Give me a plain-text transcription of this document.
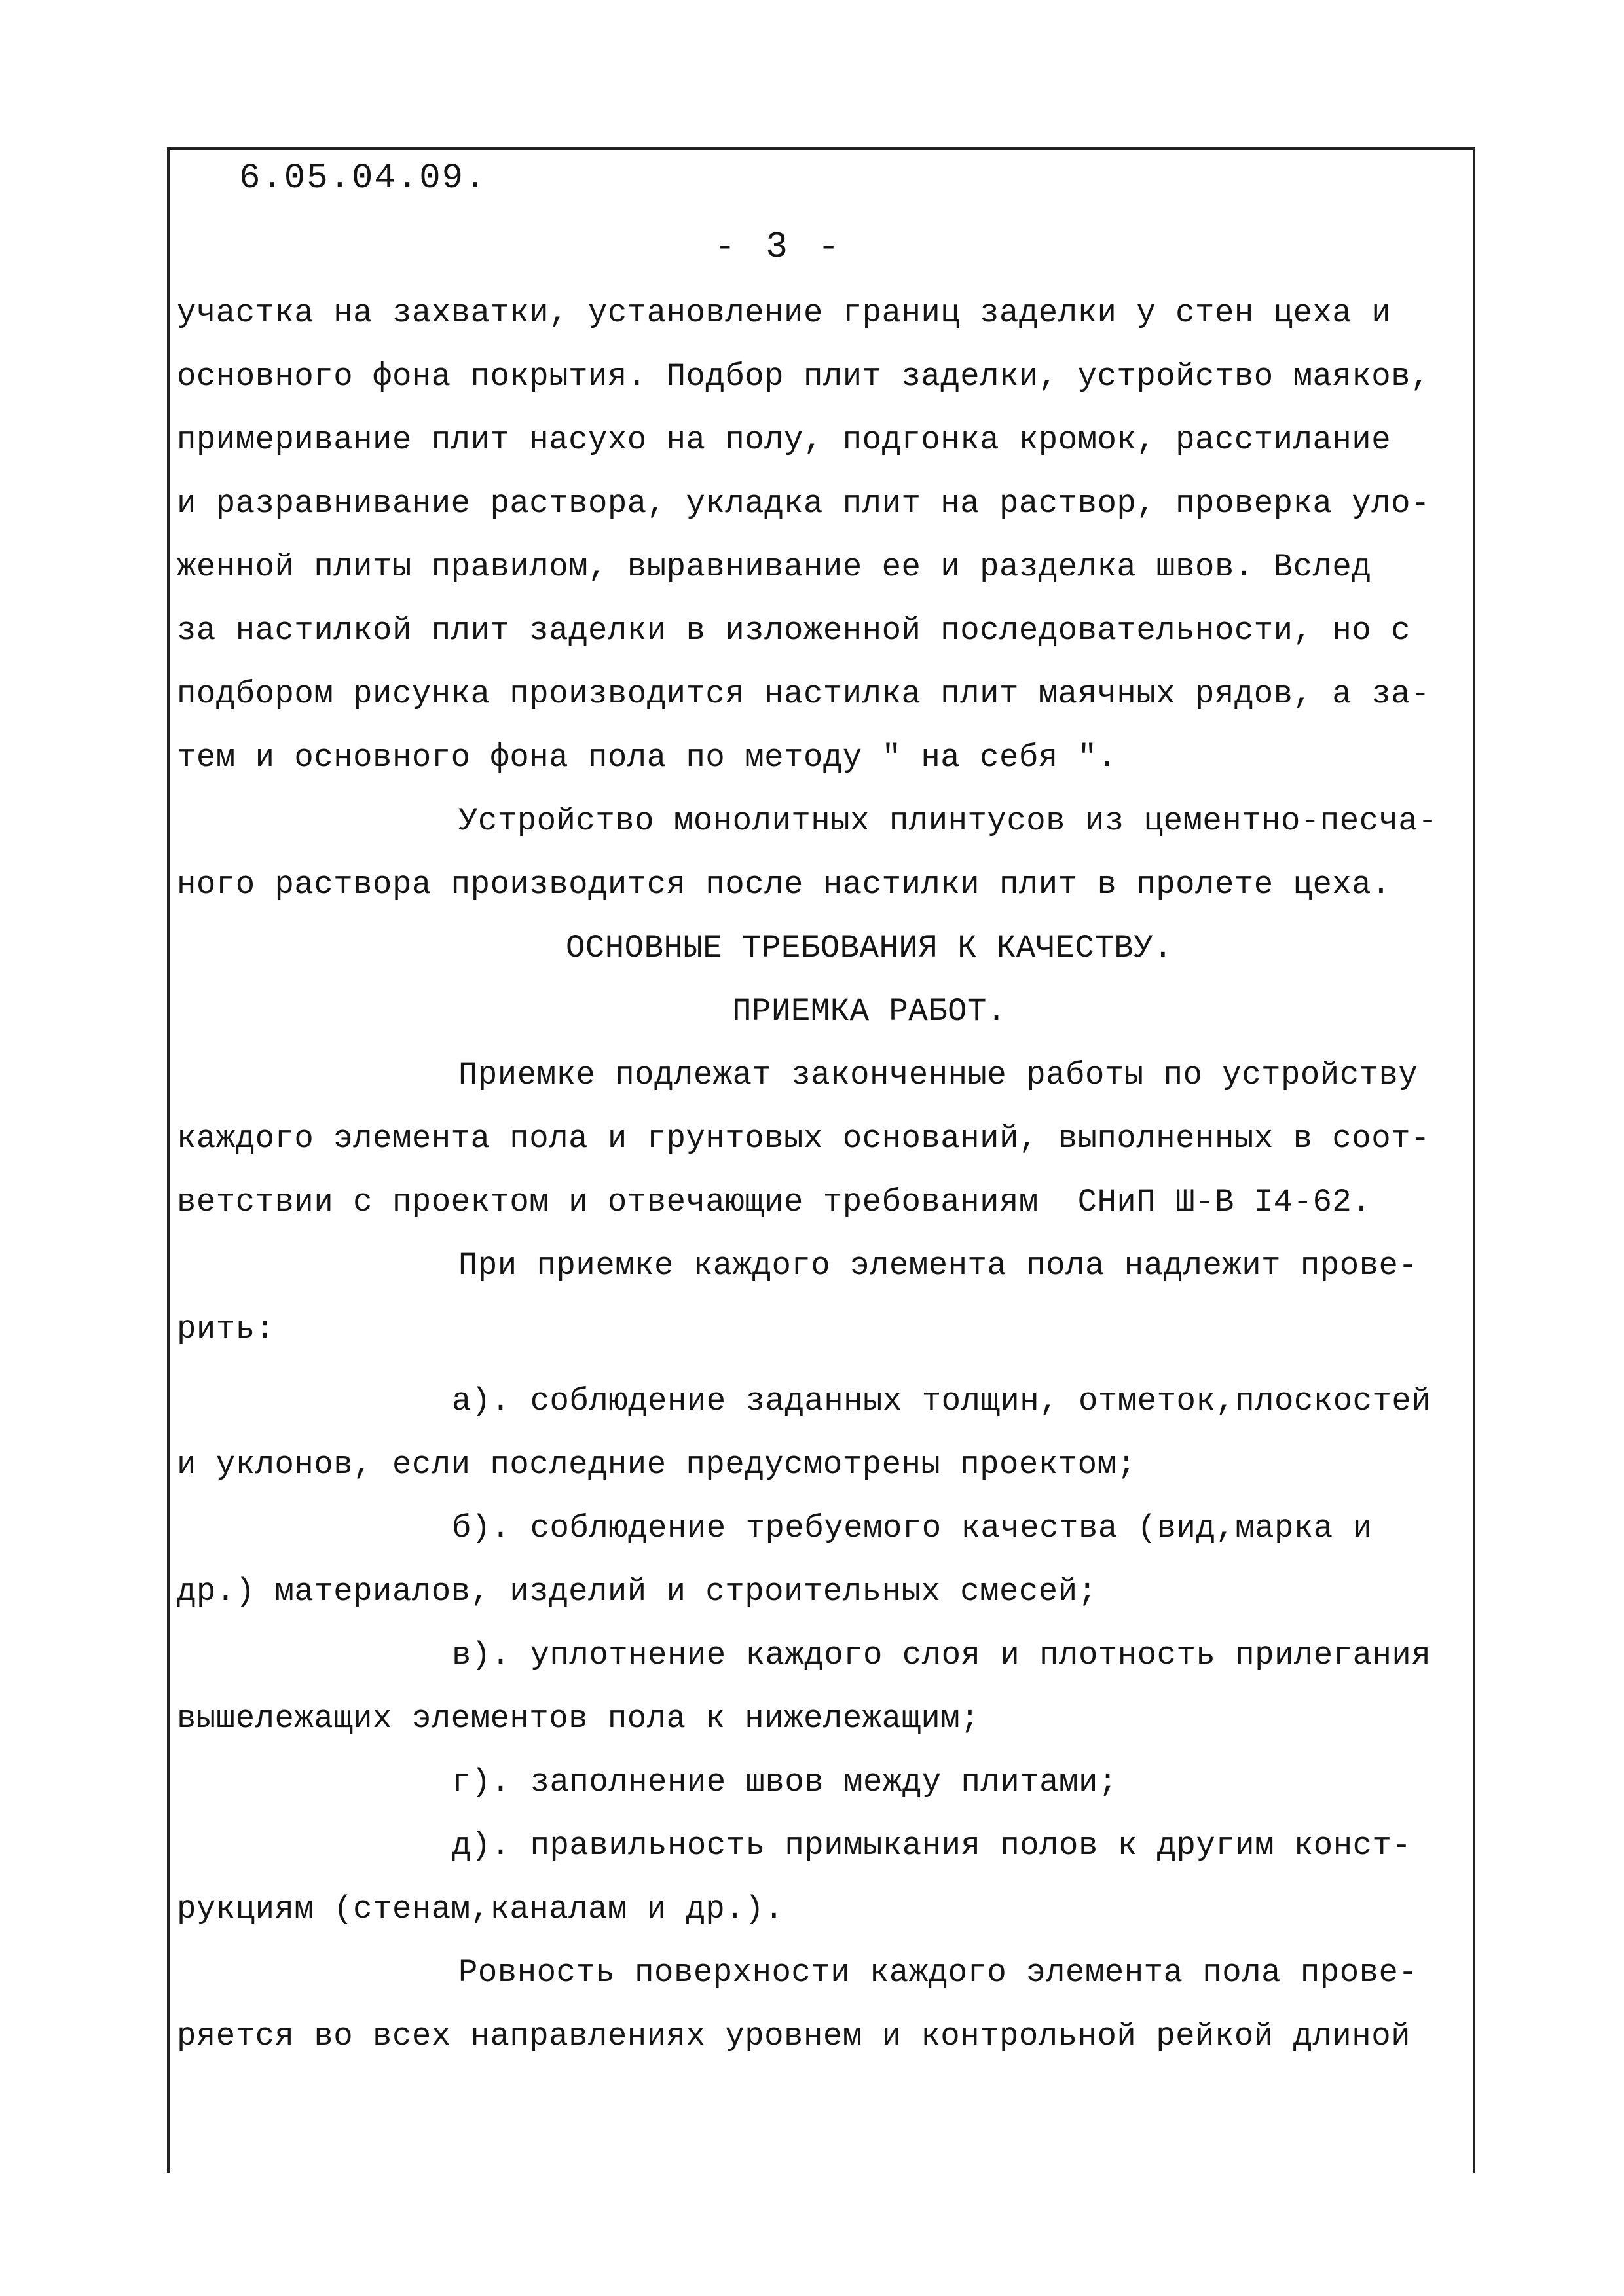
6.05.04.09.
- 3 -
участка на захватки, установление границ заделки у стен цеха и
основного фона покрытия. Подбор плит заделки, устройство маяков,
примеривание плит насухо на полу, подгонка кромок, расстилание
и разравнивание раствора, укладка плит на раствор, проверка уло-
женной плиты правилом, выравнивание ее и разделка швов. Вслед
за настилкой плит заделки в изложенной последовательности, но с
подбором рисунка производится настилка плит маячных рядов, а за-
тем и основного фона пола по методу " на себя ".
Устройство монолитных плинтусов из цементно-песча-
ного раствора производится после настилки плит в пролете цеха.
ОСНОВНЫЕ ТРЕБОВАНИЯ К КАЧЕСТВУ.
ПРИЕМКА РАБОТ.
Приемке подлежат законченные работы по устройству
каждого элемента пола и грунтовых оснований, выполненных в соот-
ветствии с проектом и отвечающие требованиям  СНиП Ш-В I4-62.
При приемке каждого элемента пола надлежит прове-
рить:
а). соблюдение заданных толщин, отметок,плоскостей
и уклонов, если последние предусмотрены проектом;
б). соблюдение требуемого качества (вид,марка и
др.) материалов, изделий и строительных смесей;
в). уплотнение каждого слоя и плотность прилегания
вышележащих элементов пола к нижележащим;
г). заполнение швов между плитами;
д). правильность примыкания полов к другим конст-
рукциям (стенам,каналам и др.).
Ровность поверхности каждого элемента пола прове-
ряется во всех направлениях уровнем и контрольной рейкой длиной
